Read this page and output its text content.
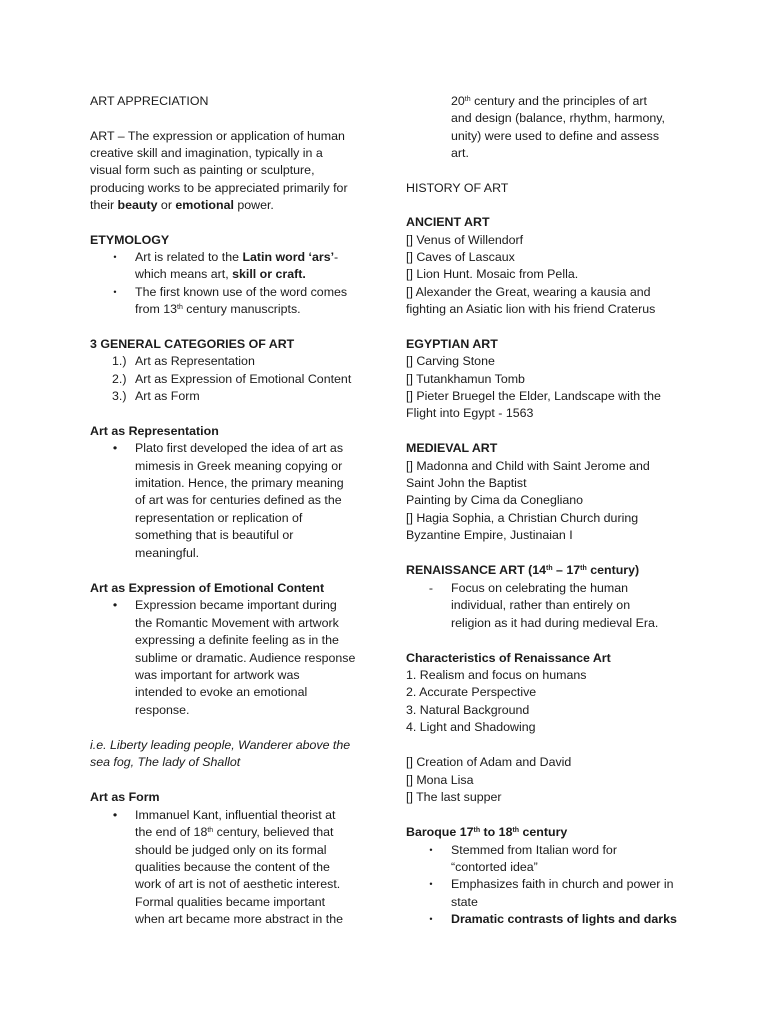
ART APPRECIATION
ART – The expression or application of human
creative skill and imagination, typically in a
visual form such as painting or sculpture,
producing works to be appreciated primarily for
their beauty or emotional power.
ETYMOLOGY
• Art is related to the Latin word ‘ars’-
which means art, skill or craft.
• The first known use of the word comes
from 13th century manuscripts.
3 GENERAL CATEGORIES OF ART
1.) Art as Representation
2.) Art as Expression of Emotional Content
3.) Art as Form
Art as Representation
• Plato first developed the idea of art as
mimesis in Greek meaning copying or
imitation. Hence, the primary meaning
of art was for centuries defined as the
representation or replication of
something that is beautiful or
meaningful.
Art as Expression of Emotional Content
• Expression became important during
the Romantic Movement with artwork
expressing a definite feeling as in the
sublime or dramatic. Audience response
was important for artwork was
intended to evoke an emotional
response.
i.e. Liberty leading people, Wanderer above the
sea fog, The lady of Shallot
Art as Form
• Immanuel Kant, influential theorist at
the end of 18th century, believed that
should be judged only on its formal
qualities because the content of the
work of art is not of aesthetic interest.
Formal qualities became important
when art became more abstract in the
20th century and the principles of art
and design (balance, rhythm, harmony,
unity) were used to define and assess
art.
HISTORY OF ART
ANCIENT ART
[] Venus of Willendorf
[] Caves of Lascaux
[] Lion Hunt. Mosaic from Pella.
[] Alexander the Great, wearing a kausia and
fighting an Asiatic lion with his friend Craterus
EGYPTIAN ART
[] Carving Stone
[] Tutankhamun Tomb
[] Pieter Bruegel the Elder, Landscape with the
Flight into Egypt - 1563
MEDIEVAL ART
[] Madonna and Child with Saint Jerome and
Saint John the Baptist
Painting by Cima da Conegliano
[] Hagia Sophia, a Christian Church during
Byzantine Empire, Justinaian I
RENAISSANCE ART (14th – 17th century)
- Focus on celebrating the human
individual, rather than entirely on
religion as it had during medieval Era.
Characteristics of Renaissance Art
1. Realism and focus on humans
2. Accurate Perspective
3. Natural Background
4. Light and Shadowing
[] Creation of Adam and David
[] Mona Lisa
[] The last supper
Baroque 17th to 18th century
• Stemmed from Italian word for
“contorted idea”
• Emphasizes faith in church and power in
state
• Dramatic contrasts of lights and darks
